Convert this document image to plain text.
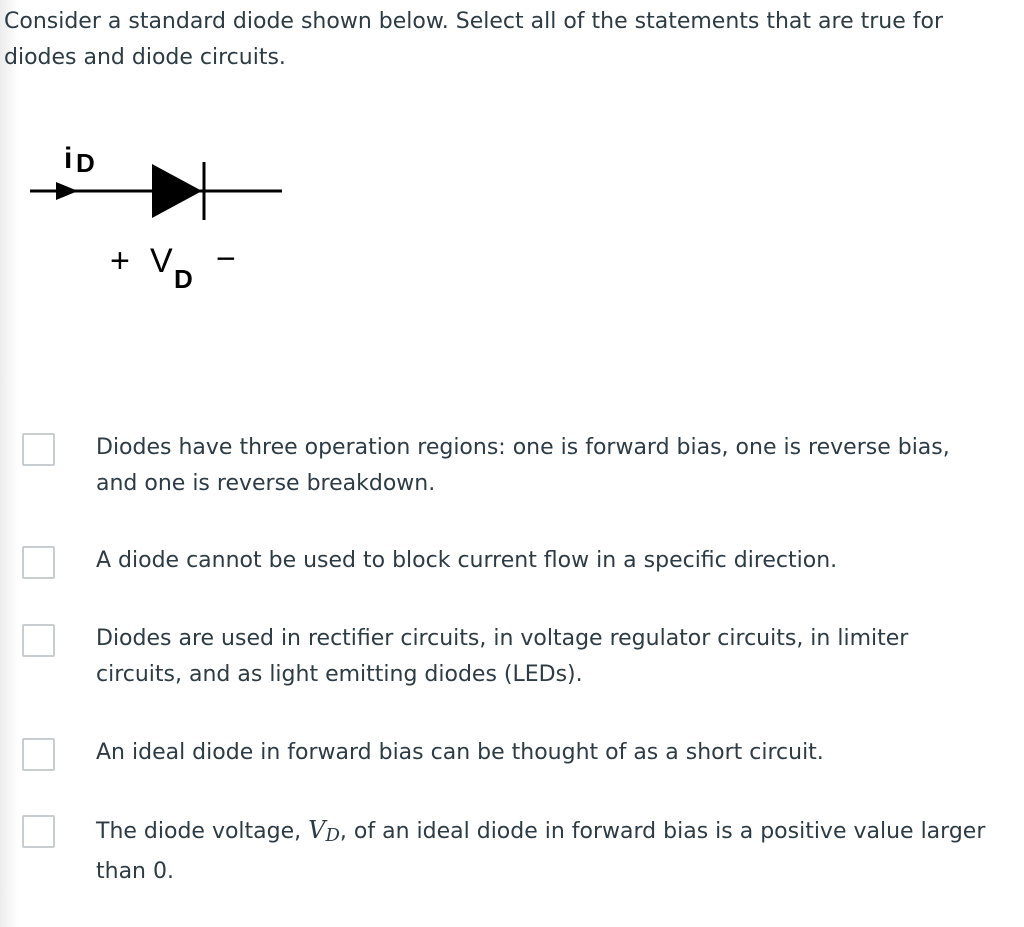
Consider a standard diode shown below. Select all of the statements that are true for diodes and diode circuits.

i D
+ V D
−
Diodes have three operation regions: one is forward bias, one is reverse bias, and one is reverse breakdown.
A diode cannot be used to block current flow in a specific direction.
Diodes are used in rectifier circuits, in voltage regulator circuits, in limiter circuits, and as light emitting diodes (LEDs).
An ideal diode in forward bias can be thought of as a short circuit.
The diode voltage, VD, of an ideal diode in forward bias is a positive value larger than 0.
